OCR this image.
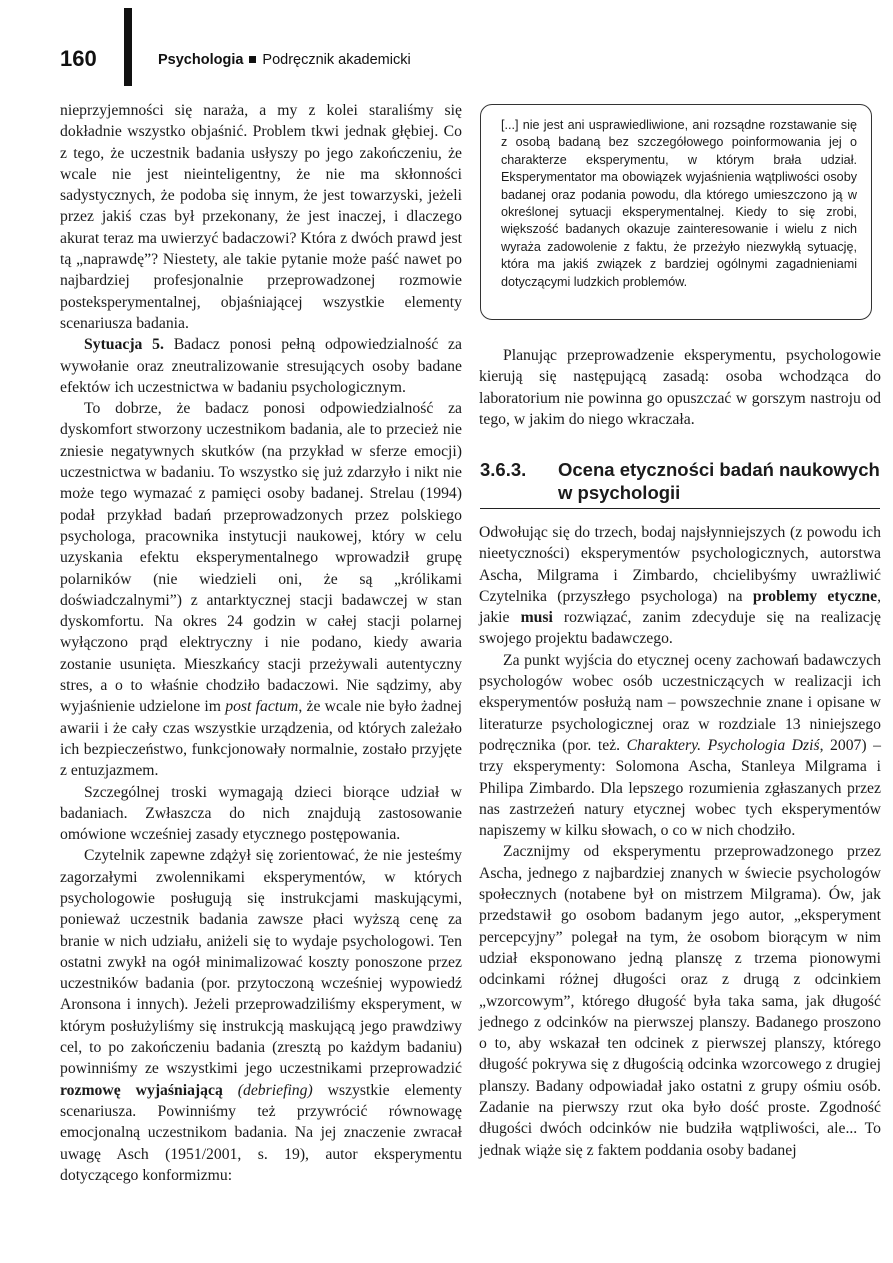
160	Psychologia Podręcznik akademicki

nieprzyjemności się naraża, a my z kolei staraliśmy się dokładnie wszystko objaśnić. Problem tkwi jednak głębiej. Co z tego, że uczestnik badania usłyszy po jego zakończeniu, że wcale nie jest nieinteligentny, że nie ma skłonności sadystycznych, że podoba się innym, że jest towarzyski, jeżeli przez jakiś czas był przekonany, że jest inaczej, i dlaczego akurat teraz ma uwierzyć badaczowi? Która z dwóch prawd jest tą „naprawdę”? Niestety, ale takie pytanie może paść nawet po najbardziej profesjonalnie przeprowadzonej rozmowie posteksperymentalnej, objaśniającej wszystkie elementy scenariusza badania.

Sytuacja 5. Badacz ponosi pełną odpowiedzialność za wywołanie oraz zneutralizowanie stresujących osoby badane efektów ich uczestnictwa w badaniu psychologicznym.

To dobrze, że badacz ponosi odpowiedzialność za dyskomfort stworzony uczestnikom badania, ale to przecież nie zniesie negatywnych skutków (na przykład w sferze emocji) uczestnictwa w badaniu. To wszystko się już zdarzyło i nikt nie może tego wymazać z pamięci osoby badanej. Strelau (1994) podał przykład badań przeprowadzonych przez polskiego psychologa, pracownika instytucji naukowej, który w celu uzyskania efektu eksperymentalnego wprowadził grupę polarników (nie wiedzieli oni, że są „królikami doświadczalnymi”) z antarktycznej stacji badawczej w stan dyskomfortu. Na okres 24 godzin w całej stacji polarnej wyłączono prąd elektryczny i nie podano, kiedy awaria zostanie usunięta. Mieszkańcy stacji przeżywali autentyczny stres, a o to właśnie chodziło badaczowi. Nie sądzimy, aby wyjaśnienie udzielone im post factum, że wcale nie było żadnej awarii i że cały czas wszystkie urządzenia, od których zależało ich bezpieczeństwo, funkcjonowały normalnie, zostało przyjęte z entuzjazmem.

Szczególnej troski wymagają dzieci biorące udział w badaniach. Zwłaszcza do nich znajdują zastosowanie omówione wcześniej zasady etycznego postępowania.

Czytelnik zapewne zdążył się zorientować, że nie jesteśmy zagorzałymi zwolennikami eksperymentów, w których psychologowie posługują się instrukcjami maskującymi, ponieważ uczestnik badania zawsze płaci wyższą cenę za branie w nich udziału, aniżeli się to wydaje psychologowi. Ten ostatni zwykł na ogół minimalizować koszty ponoszone przez uczestników badania (por. przytoczoną wcześniej wypowiedź Aronsona i innych). Jeżeli przeprowadziliśmy eksperyment, w którym posłużyliśmy się instrukcją maskującą jego prawdziwy cel, to po zakończeniu badania (zresztą po każdym badaniu) powinniśmy ze wszystkimi jego uczestnikami przeprowadzić rozmowę wyjaśniającą (debriefing) wszystkie elementy scenariusza. Powinniśmy też przywrócić równowagę emocjonalną uczestnikom badania. Na jej znaczenie zwracał uwagę Asch (1951/2001, s. 19), autor eksperymentu dotyczącego konformizmu:

[...] nie jest ani usprawiedliwione, ani rozsądne rozstawanie się z osobą badaną bez szczegółowego poinformowania jej o charakterze eksperymentu, w którym brała udział. Eksperymentator ma obowiązek wyjaśnienia wątpliwości osoby badanej oraz podania powodu, dla którego umieszczono ją w określonej sytuacji eksperymentalnej. Kiedy to się zrobi, większość badanych okazuje zainteresowanie i wielu z nich wyraża zadowolenie z faktu, że przeżyło niezwykłą sytuację, która ma jakiś związek z bardziej ogólnymi zagadnieniami dotyczącymi ludzkich problemów.

Planując przeprowadzenie eksperymentu, psychologowie kierują się następującą zasadą: osoba wchodząca do laboratorium nie powinna go opuszczać w gorszym nastroju od tego, w jakim do niego wkraczała.

3.6.3. Ocena etyczności badań naukowych
w psychologii

Odwołując się do trzech, bodaj najsłynniejszych (z powodu ich nieetyczności) eksperymentów psychologicznych, autorstwa Ascha, Milgrama i Zimbardo, chcielibyśmy uwrażliwić Czytelnika (przyszłego psychologa) na problemy etyczne, jakie musi rozwiązać, zanim zdecyduje się na realizację swojego projektu badawczego.

Za punkt wyjścia do etycznej oceny zachowań badawczych psychologów wobec osób uczestniczących w realizacji ich eksperymentów posłużą nam – powszechnie znane i opisane w literaturze psychologicznej oraz w rozdziale 13 niniejszego podręcznika (por. też. Charaktery. Psychologia Dziś, 2007) – trzy eksperymenty: Solomona Ascha, Stanleya Milgrama i Philipa Zimbardo. Dla lepszego rozumienia zgłaszanych przez nas zastrzeżeń natury etycznej wobec tych eksperymentów napiszemy w kilku słowach, o co w nich chodziło.

Zacznijmy od eksperymentu przeprowadzonego przez Ascha, jednego z najbardziej znanych w świecie psychologów społecznych (notabene był on mistrzem Milgrama). Ów, jak przedstawił go osobom badanym jego autor, „eksperyment percepcyjny” polegał na tym, że osobom biorącym w nim udział eksponowano jedną planszę z trzema pionowymi odcinkami różnej długości oraz z drugą z odcinkiem „wzorcowym”, którego długość była taka sama, jak długość jednego z odcinków na pierwszej planszy. Badanego proszono o to, aby wskazał ten odcinek z pierwszej planszy, którego długość pokrywa się z długością odcinka wzorcowego z drugiej planszy. Badany odpowiadał jako ostatni z grupy ośmiu osób. Zadanie na pierwszy rzut oka było dość proste. Zgodność długości dwóch odcinków nie budziła wątpliwości, ale... To jednak wiąże się z faktem poddania osoby badanej
